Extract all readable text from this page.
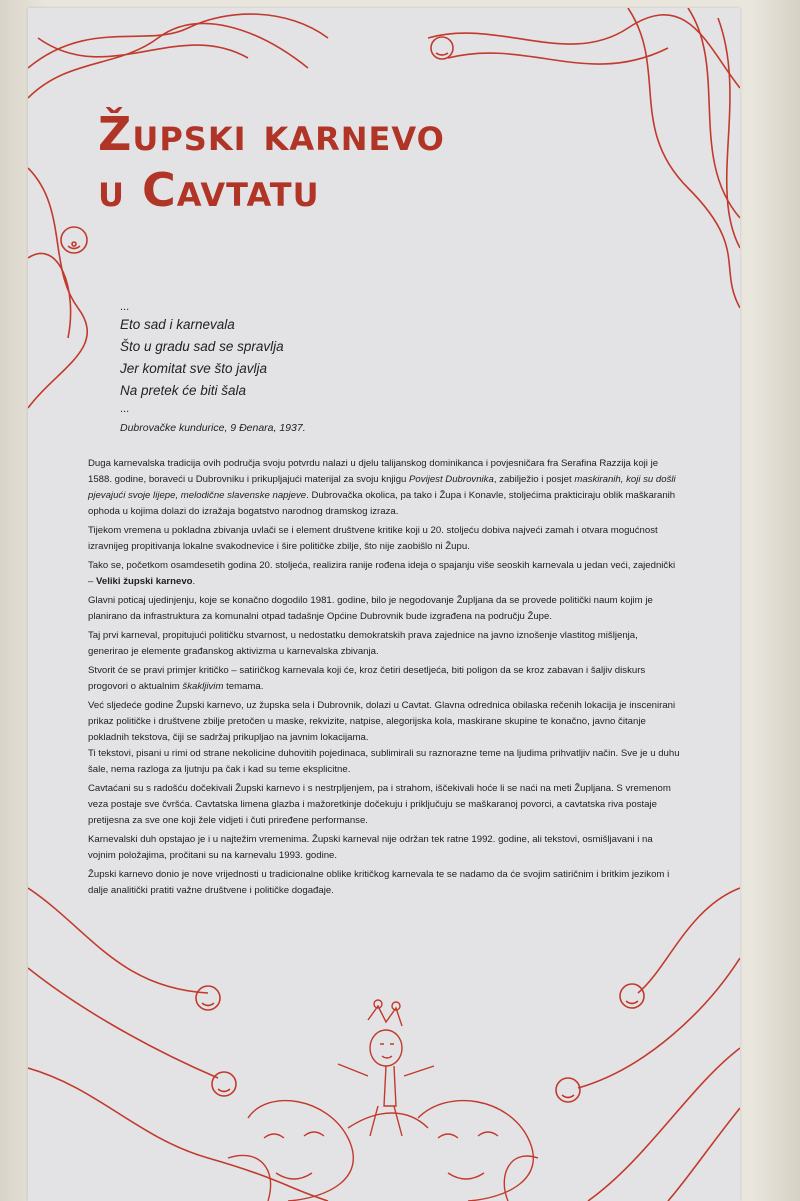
Župski karnevo
u Cavtatu
...
Eto sad i karnevala
Što u gradu sad se spravlja
Jer komitat sve što javlja
Na pretek će biti šala
...
Dubrovačke kundurice, 9 Đenara, 1937.

Duga karnevalska tradicija ovih područja svoju potvrdu nalazi u djelu talijanskog dominikanca i povjesničara fra Serafina Razzija koji je 1588. godine, boraveći u Dubrovniku i prikupljajući materijal za svoju knjigu Povijest Dubrovnika, zabilježio i posjet maskiranih, koji su došli pjevajući svoje lijepe, melodične slavenske napjeve. Dubrovačka okolica, pa tako i Župa i Konavle, stoljećima prakticiraju oblik maškaranih ophoda u kojima dolazi do izražaja bogatstvo narodnog dramskog izraza.

Tijekom vremena u pokladna zbivanja uvlači se i element društvene kritike koji u 20. stoljeću dobiva najveći zamah i otvara mogućnost izravnijeg propitivanja lokalne svakodnevice i šire političke zbilje, što nije zaobišlo ni Župu.

Tako se, početkom osamdesetih godina 20. stoljeća, realizira ranije rođena ideja o spajanju više seoskih karnevala u jedan veći, zajednički – Veliki župski karnevo.

Glavni poticaj ujedinjenju, koje se konačno dogodilo 1981. godine, bilo je negodovanje Župljana da se provede politički naum kojim je planirano da infrastruktura za komunalni otpad tadašnje Općine Dubrovnik bude izgrađena na području Župe.

Taj prvi karneval, propitujući političku stvarnost, u nedostatku demokratskih prava zajednice na javno iznošenje vlastitog mišljenja, generirao je elemente građanskog aktivizma u karnevalska zbivanja.

Stvorit će se pravi primjer kritičko – satiričkog karnevala koji će, kroz četiri desetljeća, biti poligon da se kroz zabavan i šaljiv diskurs progovori o aktualnim škakljivim temama.

Već sljedeće godine Župski karnevo, uz župska sela i Dubrovnik, dolazi u Cavtat. Glavna odrednica obilaska rečenih lokacija je inscenirani prikaz političke i društvene zbilje pretočen u maske, rekvizite, natpise, alegorijska kola, maskirane skupine te konačno, javno čitanje pokladnih tekstova, čiji se sadržaj prikupljao na javnim lokacijama.

Ti tekstovi, pisani u rimi od strane nekolicine duhovitih pojedinaca, sublimirali su raznorazne teme na ljudima prihvatljiv način. Sve je u duhu šale, nema razloga za ljutnju pa čak i kad su teme eksplicitne.

Cavtaćani su s radošću dočekivali Župski karnevo i s nestrpljenjem, pa i strahom, iščekivali hoće li se naći na meti Župljana. S vremenom veza postaje sve čvršća. Cavtatska limena glazba i mažoretkinje dočekuju i priključuju se maškaranoj povorci, a cavtatska riva postaje pretijesna za sve one koji žele vidjeti i čuti priređene performanse.

Karnevalski duh opstajao je i u najtežim vremenima. Župski karneval nije održan tek ratne 1992. godine, ali tekstovi, osmišljavani i na vojnim položajima, pročitani su na karnevalu 1993. godine.

Župski karnevo donio je nove vrijednosti u tradicionalne oblike kritičkog karnevala te se nadamo da će svojim satiričnim i britkim jezikom i dalje analitički pratiti važne društvene i političke događaje.
